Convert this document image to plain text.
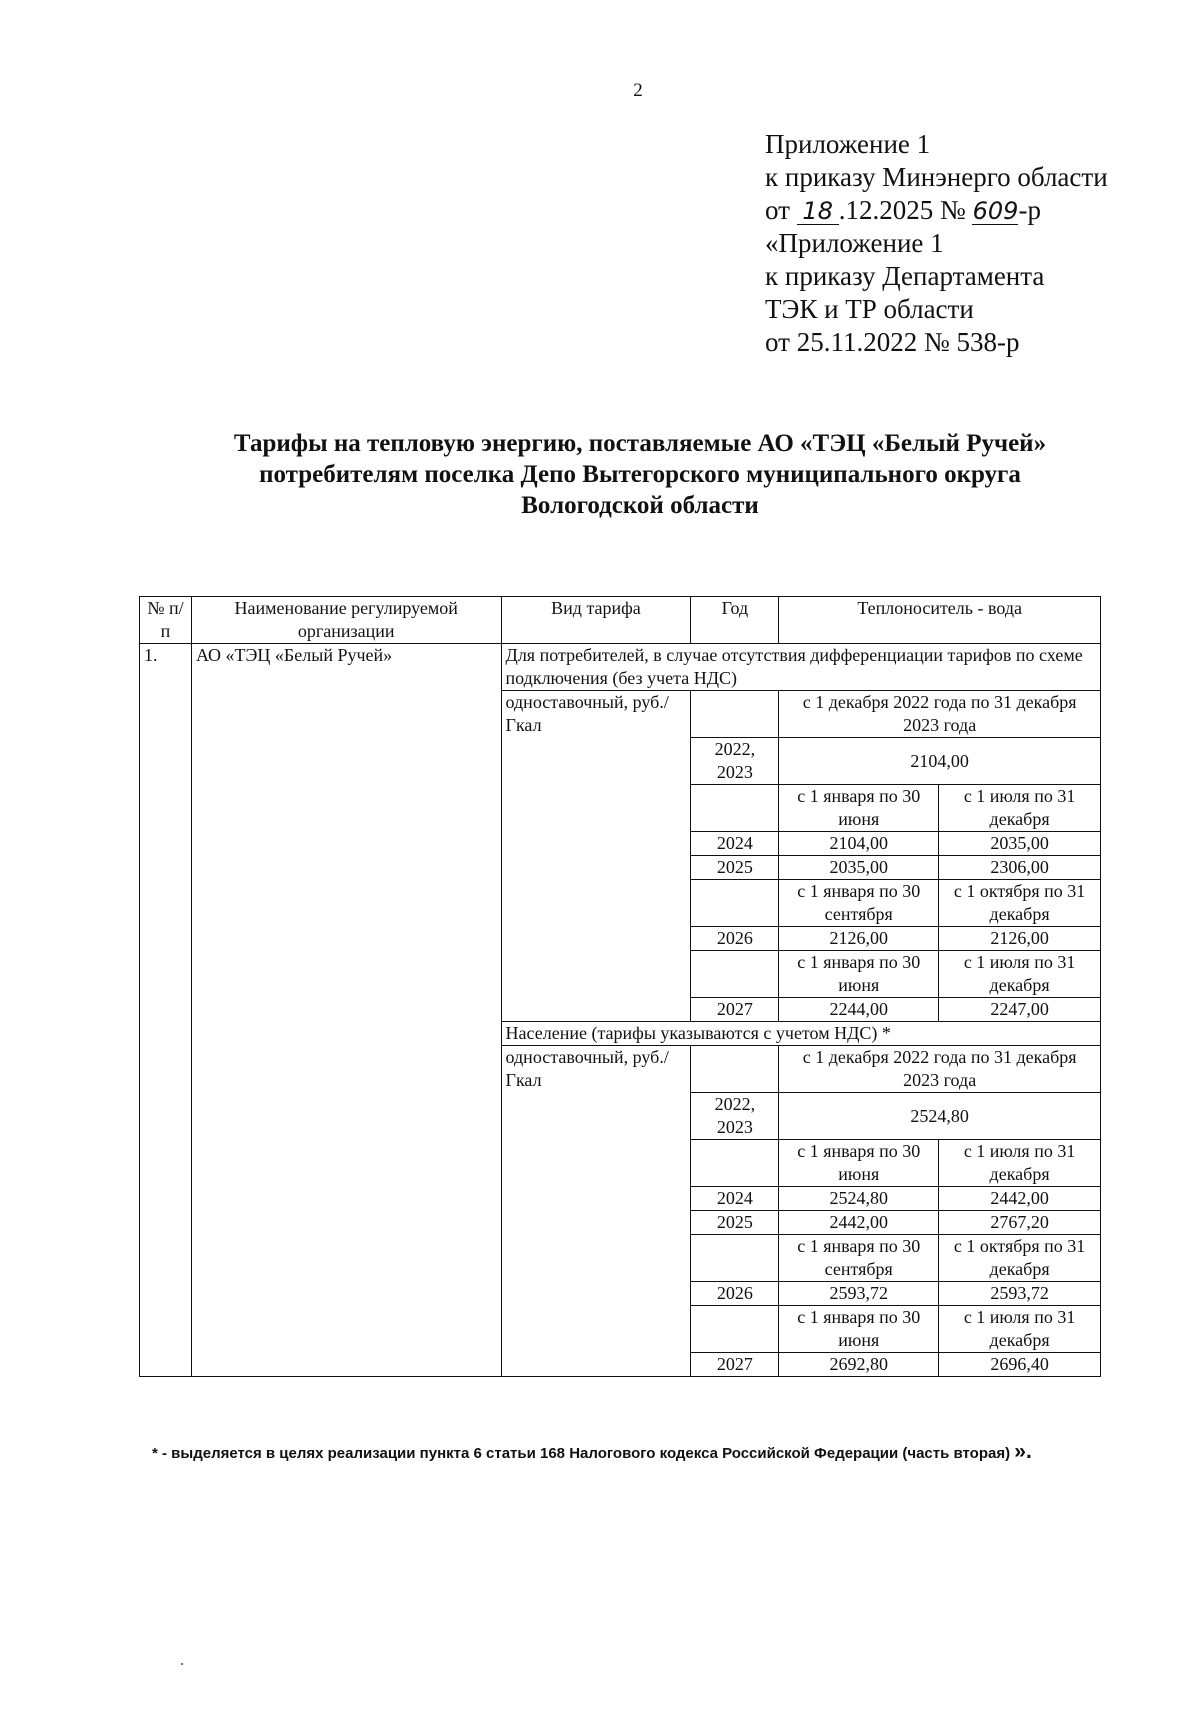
2
Приложение 1
к приказу Минэнерго области
от 18 .12.2025 № 609-р
«Приложение 1
к приказу Департамента
ТЭК и ТР области
от 25.11.2022 № 538-р
Тарифы на тепловую энергию, поставляемые АО «ТЭЦ «Белый Ручей»
потребителям поселка Депо Вытегорского муниципального округа
Вологодской области
№ п/п	Наименование регулируемой организации	Вид тарифа	Год	Теплоноситель - вода	
1.	АО «ТЭЦ «Белый Ручей»	Для потребителей, в случае отсутствия дифференциации тарифов по схеме подключения (без учета НДС)			
		одноставочный, руб./Гкал		с 1 декабря 2022 года по 31 декабря 2023 года	
			2022, 2023	2104,00	
				с 1 января по 30 июня	с 1 июля по 31 декабря
			2024	2104,00	2035,00
			2025	2035,00	2306,00
				с 1 января по 30 сентября	с 1 октября по 31 декабря
			2026	2126,00	2126,00
				с 1 января по 30 июня	с 1 июля по 31 декабря
			2027	2244,00	2247,00
		Население (тарифы указываются с учетом НДС) *			
		одноставочный, руб./Гкал		с 1 декабря 2022 года по 31 декабря 2023 года	
			2022, 2023	2524,80	
				с 1 января по 30 июня	с 1 июля по 31 декабря
			2024	2524,80	2442,00
			2025	2442,00	2767,20
				с 1 января по 30 сентября	с 1 октября по 31 декабря
			2026	2593,72	2593,72
				с 1 января по 30 июня	с 1 июля по 31 декабря
			2027	2692,80	2696,40
* - выделяется в целях реализации пункта 6 статьи 168 Налогового кодекса Российской Федерации (часть вторая) ».
